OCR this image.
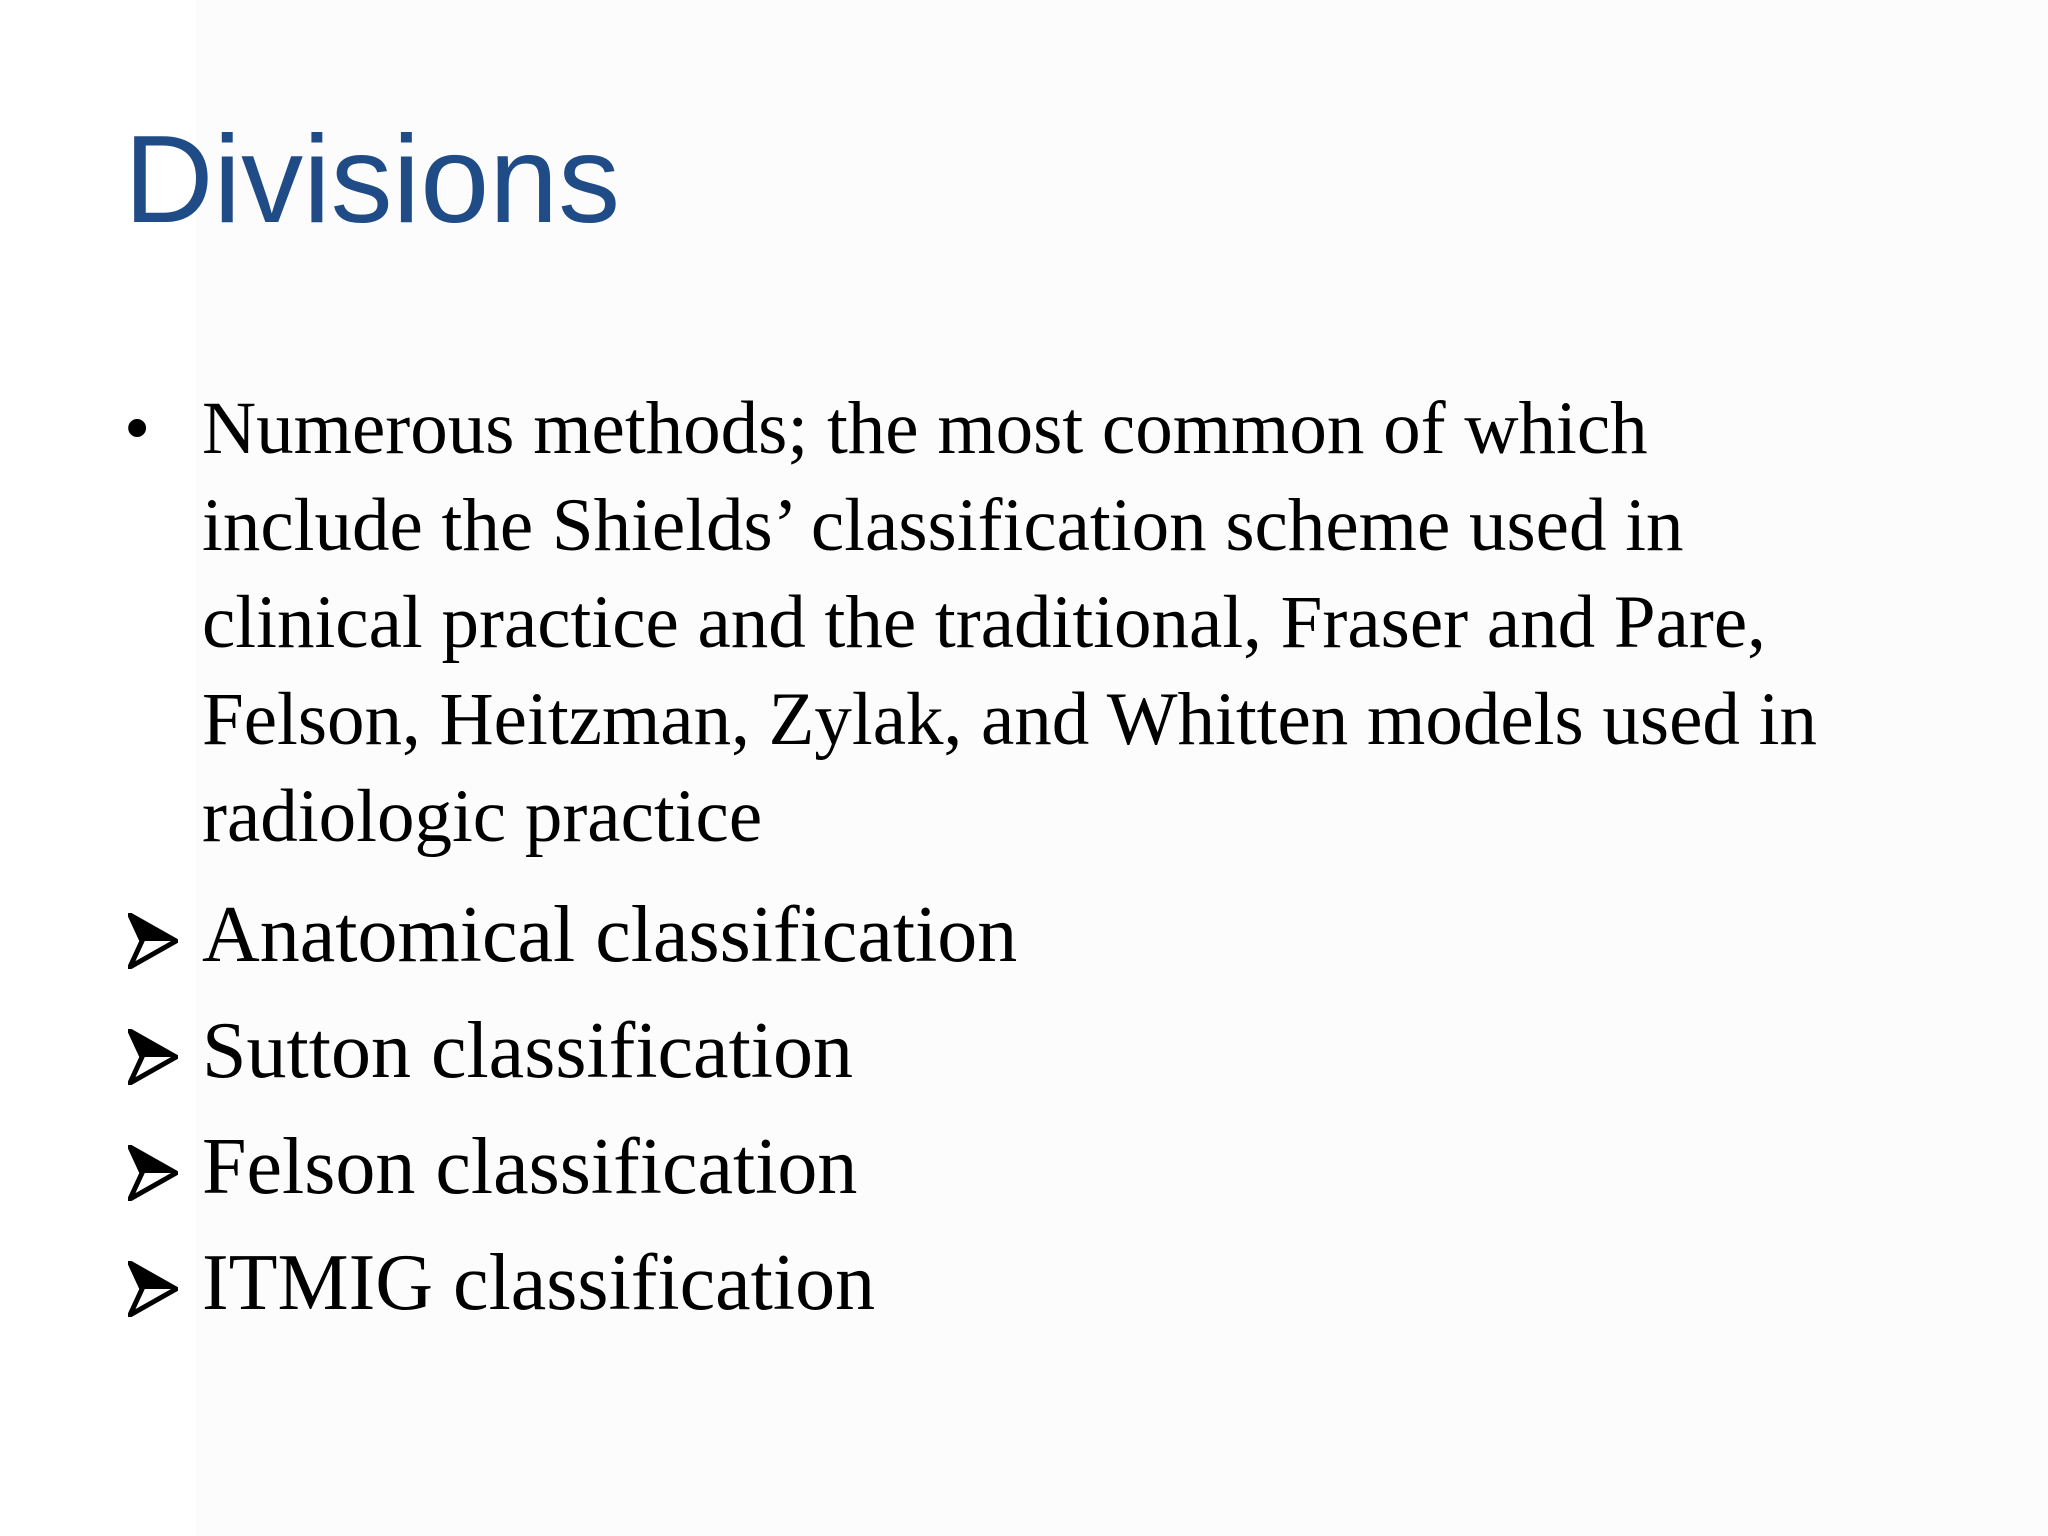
Divisions
• Numerous methods; the most common of which
include the Shields’ classification scheme used in
clinical practice and the traditional, Fraser and Pare,
Felson, Heitzman, Zylak, and Whitten models used in
radiologic practice
Anatomical classification
Sutton classification
Felson classification
ITMIG classification
